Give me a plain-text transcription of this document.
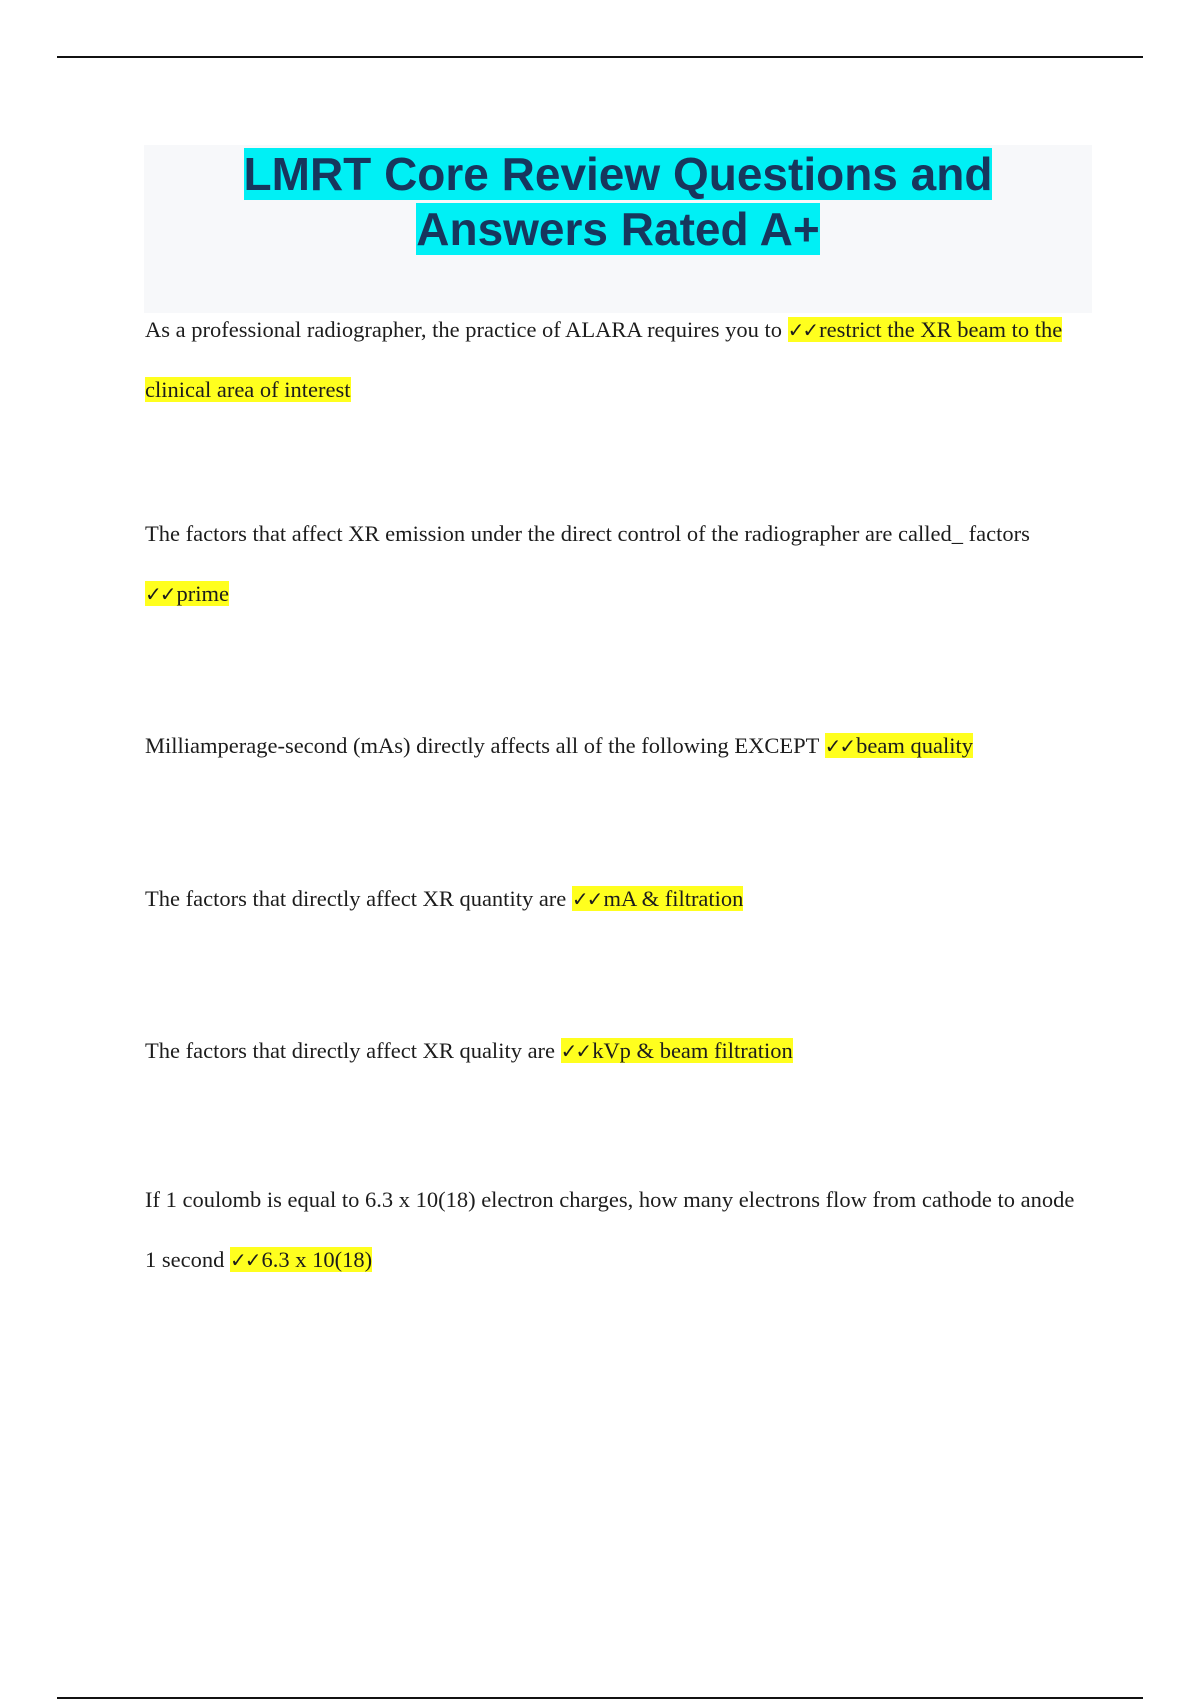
LMRT Core Review Questions and Answers Rated A+

As a professional radiographer, the practice of ALARA requires you to ✓✓restrict the XR beam to the clinical area of interest

The factors that affect XR emission under the direct control of the radiographer are called_ factors ✓✓prime

Milliamperage-second (mAs) directly affects all of the following EXCEPT ✓✓beam quality

The factors that directly affect XR quantity are ✓✓mA & filtration

The factors that directly affect XR quality are ✓✓kVp & beam filtration

If 1 coulomb is equal to 6.3 x 10(18) electron charges, how many electrons flow from cathode to anode 1 second ✓✓6.3 x 10(18)
